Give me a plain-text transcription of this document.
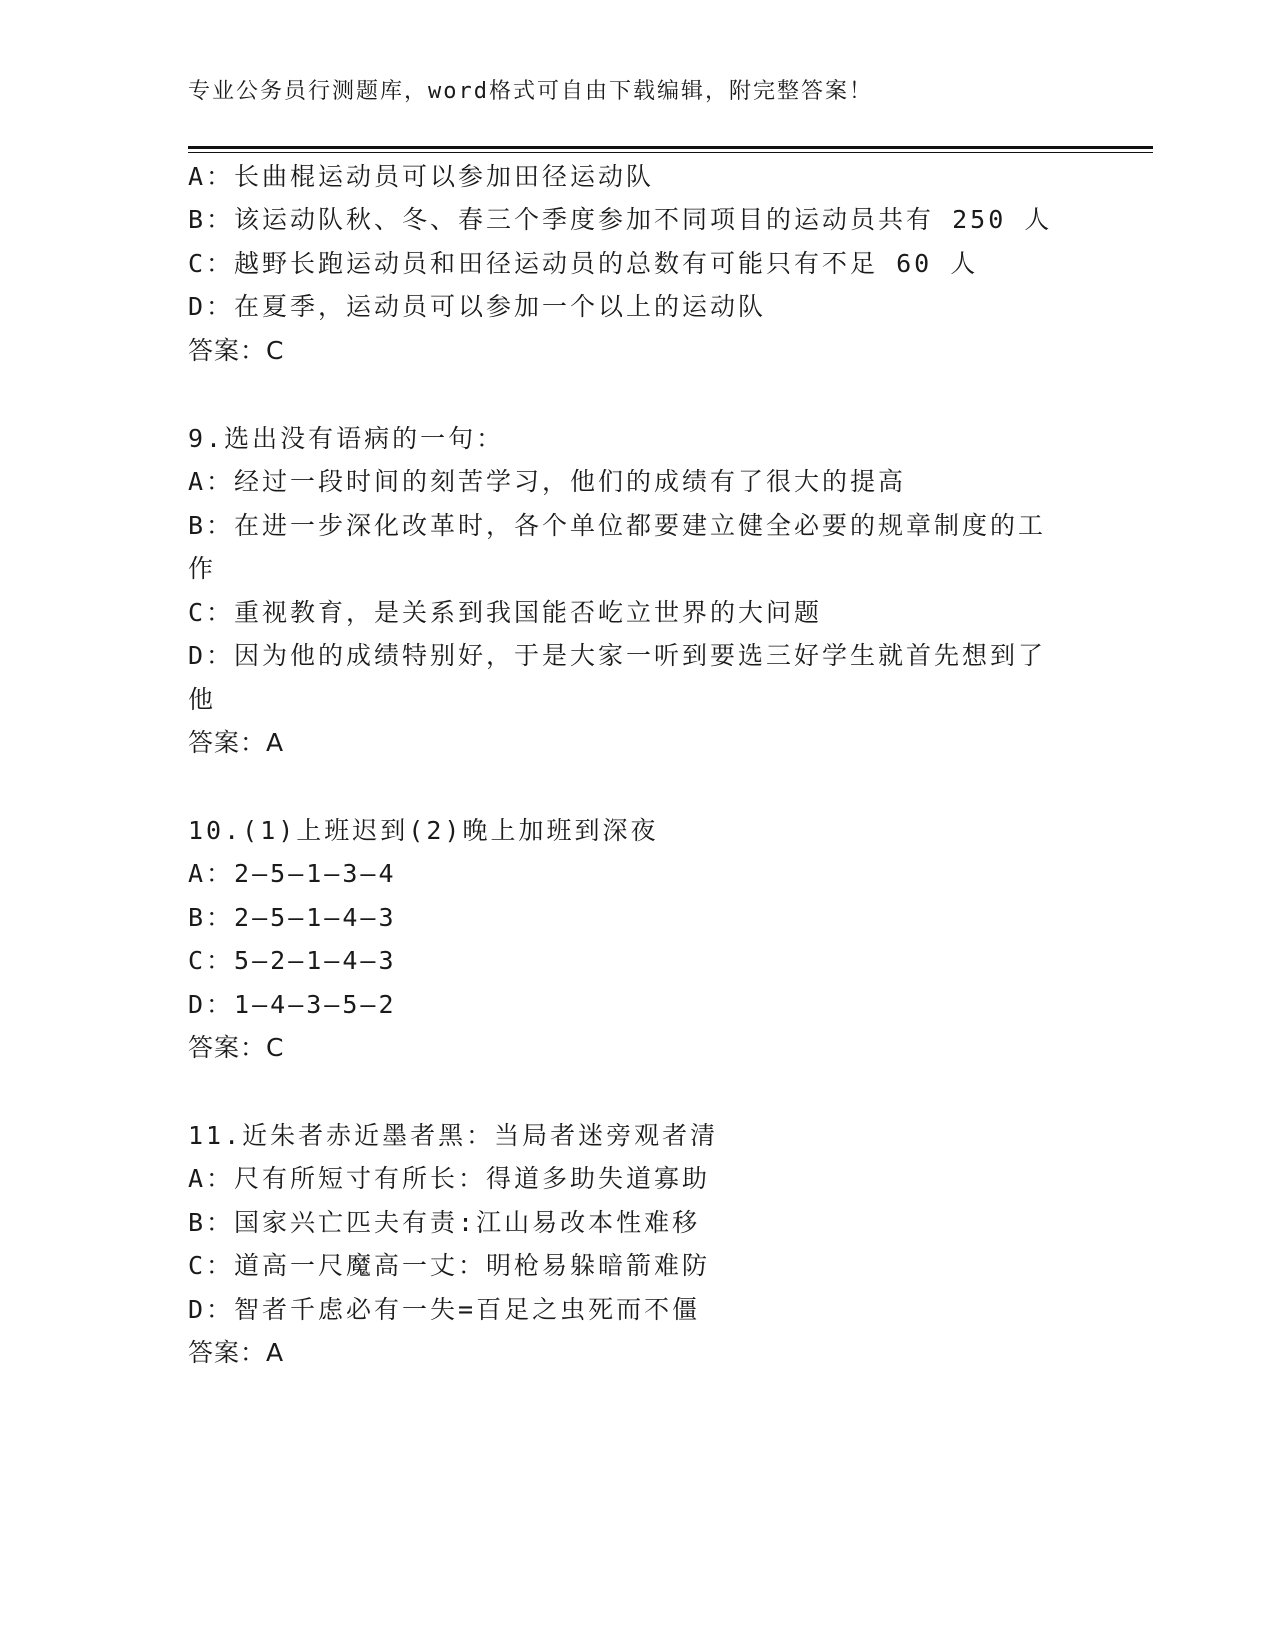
专业公务员行测题库，word格式可自由下载编辑，附完整答案！
A：长曲棍运动员可以参加田径运动队
B：该运动队秋、冬、春三个季度参加不同项目的运动员共有 250 人
C：越野长跑运动员和田径运动员的总数有可能只有不足 60 人
D：在夏季，运动员可以参加一个以上的运动队
答案：C
9.选出没有语病的一句：
A：经过一段时间的刻苦学习，他们的成绩有了很大的提高
B：在进一步深化改革时，各个单位都要建立健全必要的规章制度的工
作
C：重视教育，是关系到我国能否屹立世界的大问题
D：因为他的成绩特别好，于是大家一听到要选三好学生就首先想到了
他
答案：A
10.(1)上班迟到(2)晚上加班到深夜
A：2—5—1—3—4
B：2—5—1—4—3
C：5—2—1—4—3
D：1—4—3—5—2
答案：C
11.近朱者赤近墨者黑：当局者迷旁观者清
A：尺有所短寸有所长：得道多助失道寡助
B：国家兴亡匹夫有责:江山易改本性难移
C：道高一尺魔高一丈：明枪易躲暗箭难防
D：智者千虑必有一失=百足之虫死而不僵
答案：A
